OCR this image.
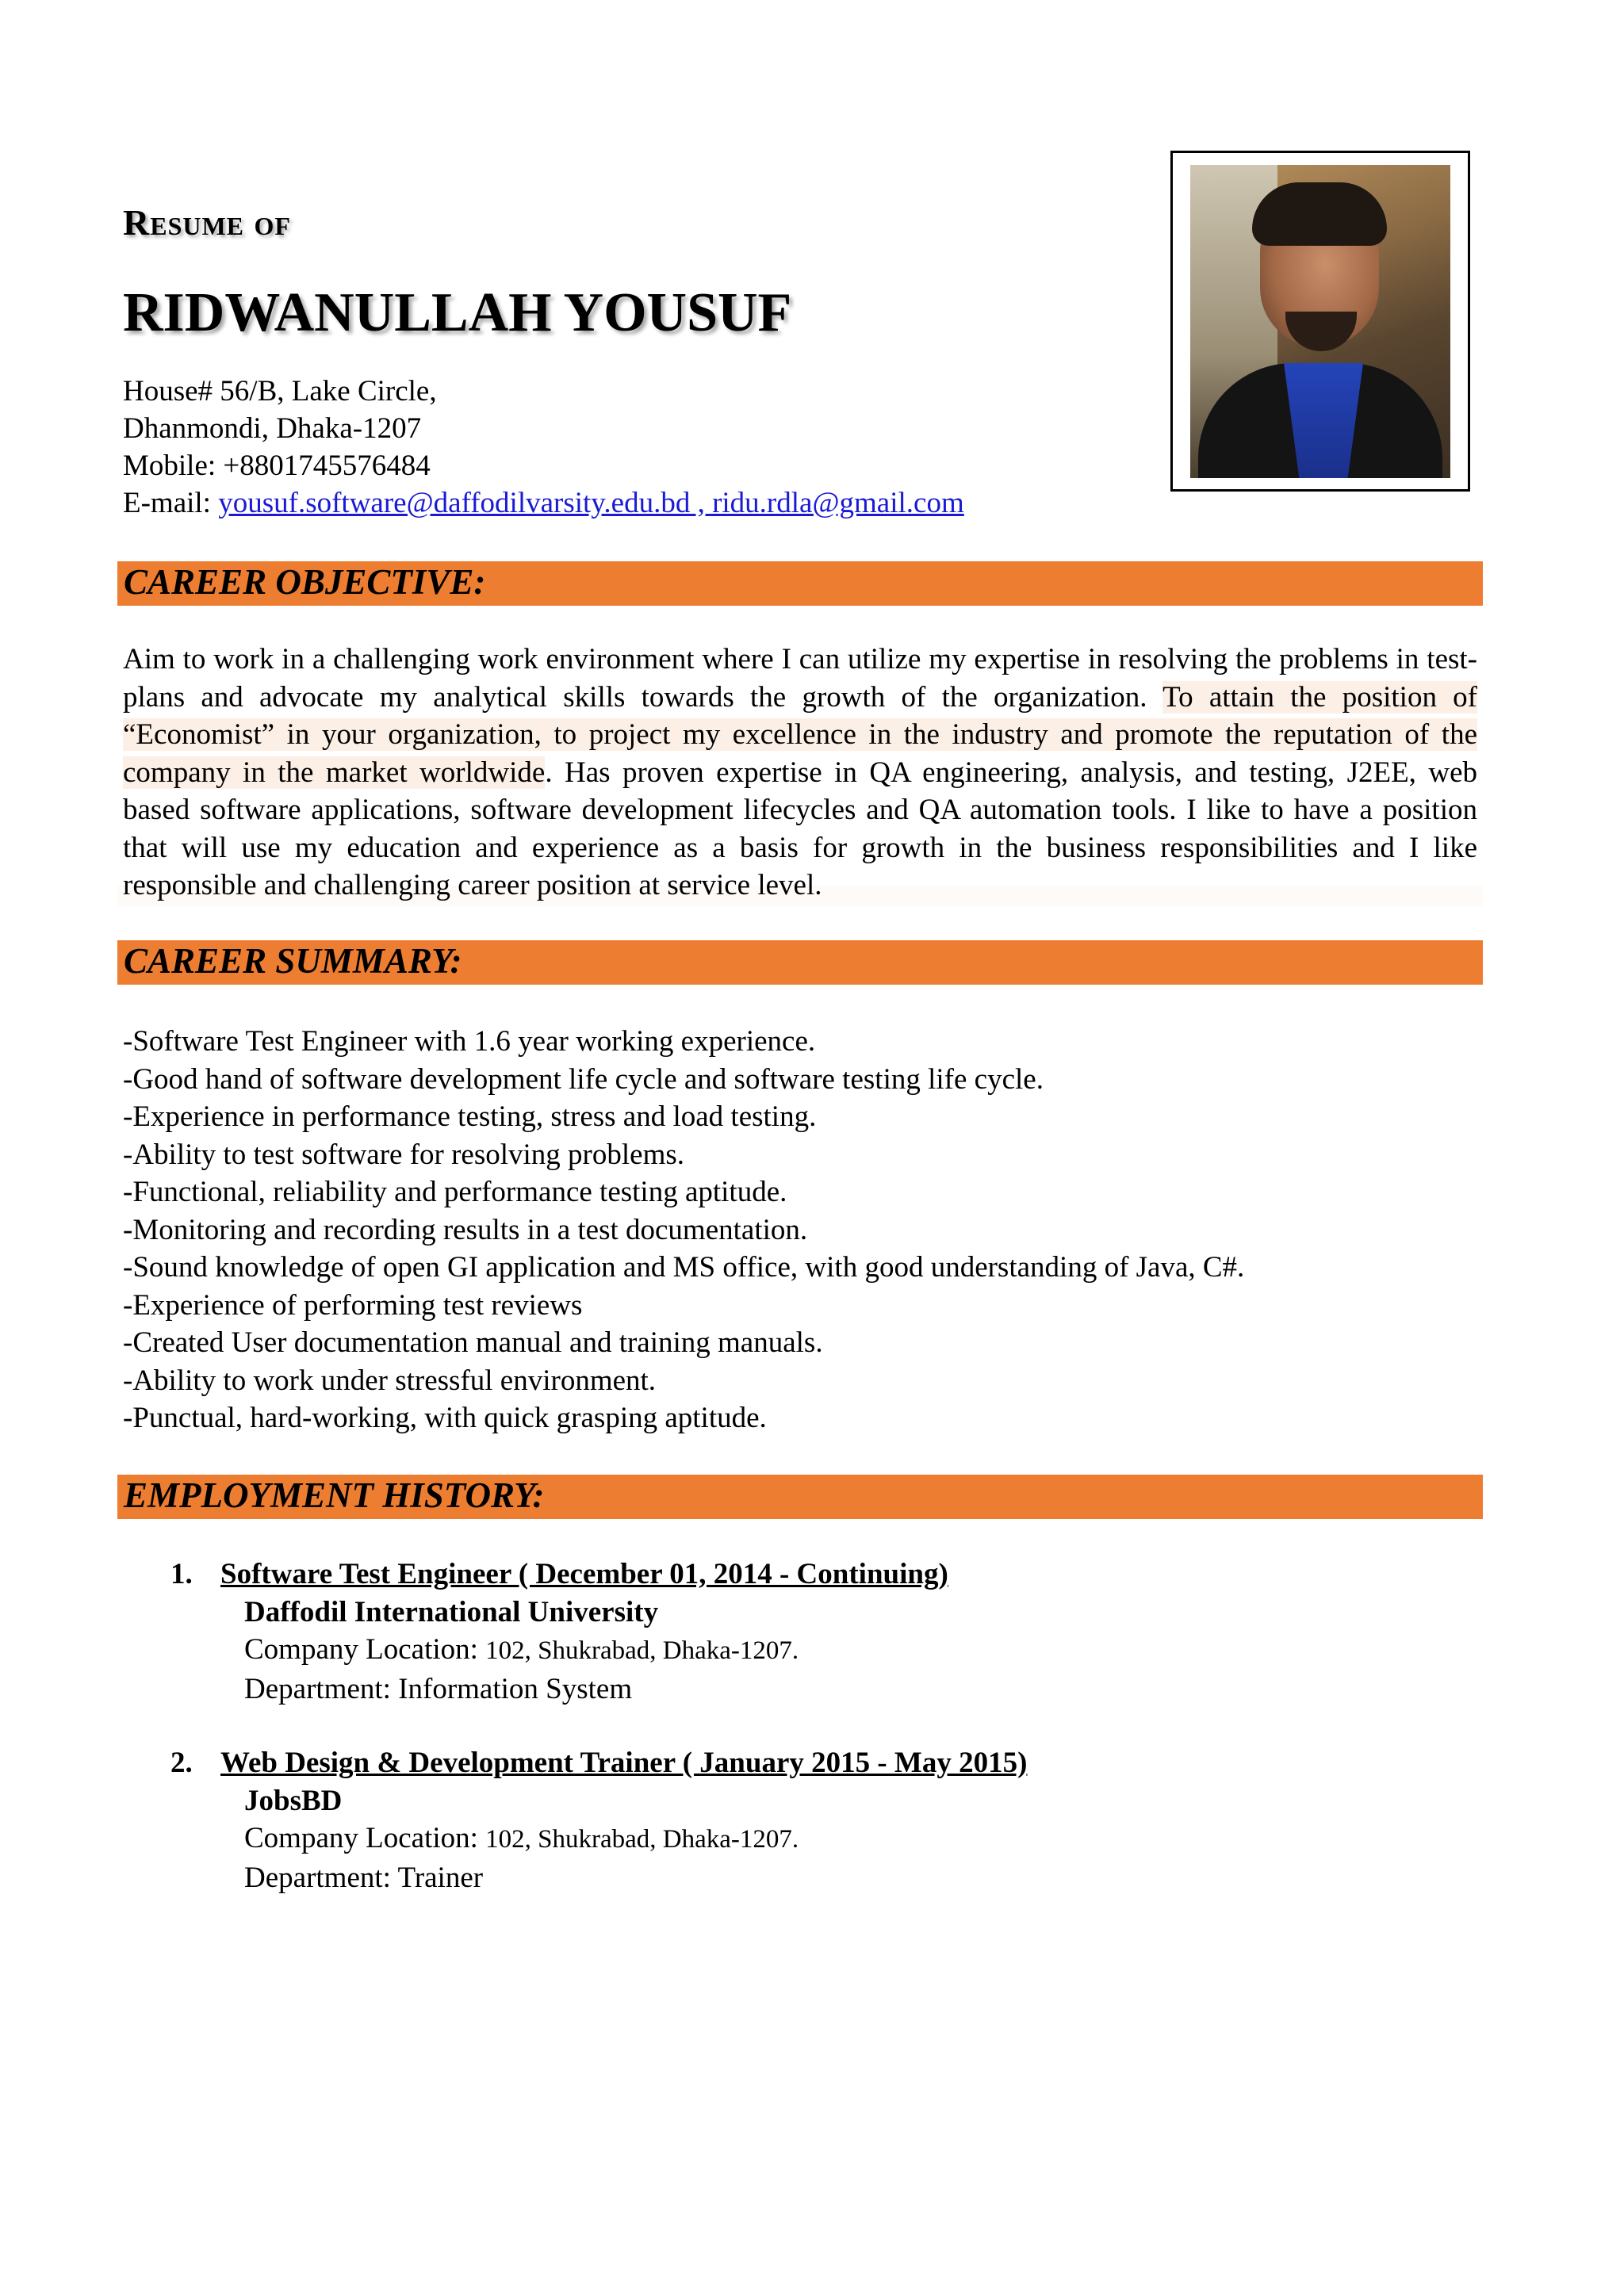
Resume of
RIDWANULLAH YOUSUF
House# 56/B, Lake Circle,
Dhanmondi, Dhaka-1207
Mobile: +8801745576484
E-mail: yousuf.software@daffodilvarsity.edu.bd , ridu.rdla@gmail.com
CAREER OBJECTIVE:
Aim to work in a challenging work environment where I can utilize my expertise in resolving the problems in test-plans and advocate my analytical skills towards the growth of the organization. To attain the position of “Economist” in your organization, to project my excellence in the industry and promote the reputation of the company in the market worldwide. Has proven expertise in QA engineering, analysis, and testing, J2EE, web based software applications, software development lifecycles and QA automation tools. I like to have a position that will use my education and experience as a basis for growth in the business responsibilities and I like responsible and challenging career position at service level.
CAREER SUMMARY:
-Software Test Engineer with 1.6 year working experience.
-Good hand of software development life cycle and software testing life cycle.
-Experience in performance testing, stress and load testing.
-Ability to test software for resolving problems.
-Functional, reliability and performance testing aptitude.
-Monitoring and recording results in a test documentation.
-Sound knowledge of open GI application and MS office, with good understanding of Java, C#.
-Experience of performing test reviews
-Created User documentation manual and training manuals.
-Ability to work under stressful environment.
-Punctual, hard-working, with quick grasping aptitude.
EMPLOYMENT HISTORY:
1. Software Test Engineer ( December 01, 2014 - Continuing)
Daffodil International University
Company Location: 102, Shukrabad, Dhaka-1207.
Department: Information System
2. Web Design & Development Trainer ( January 2015 - May 2015)
JobsBD
Company Location: 102, Shukrabad, Dhaka-1207.
Department: Trainer
